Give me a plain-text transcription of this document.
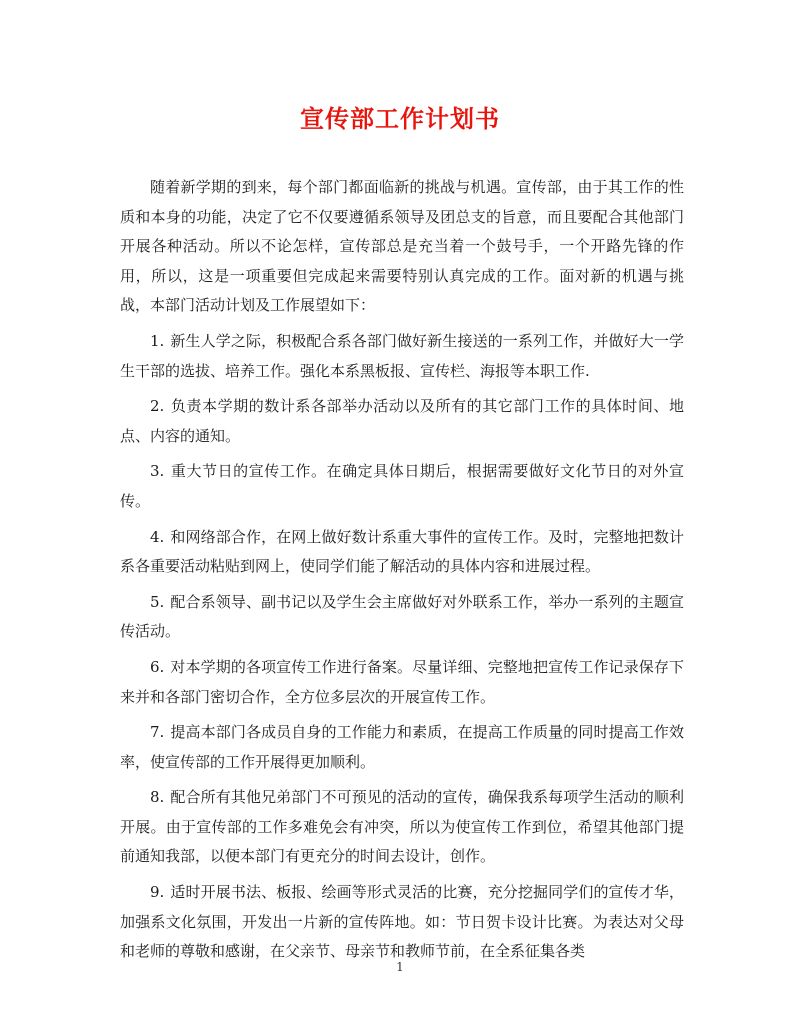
宣传部工作计划书

随着新学期的到来，每个部门都面临新的挑战与机遇。宣传部，由于其工作的性质和本身的功能，决定了它不仅要遵循系领导及团总支的旨意，而且要配合其他部门开展各种活动。所以不论怎样，宣传部总是充当着一个鼓号手，一个开路先锋的作用，所以，这是一项重要但完成起来需要特别认真完成的工作。面对新的机遇与挑战，本部门活动计划及工作展望如下：

1. 新生人学之际，积极配合系各部门做好新生接送的一系列工作，并做好大一学生干部的选拔、培养工作。强化本系黑板报、宣传栏、海报等本职工作.

2. 负责本学期的数计系各部举办活动以及所有的其它部门工作的具体时间、地点、内容的通知。

3. 重大节日的宣传工作。在确定具体日期后，根据需要做好文化节日的对外宣传。

4. 和网络部合作，在网上做好数计系重大事件的宣传工作。及时，完整地把数计系各重要活动粘贴到网上，使同学们能了解活动的具体内容和进展过程。

5. 配合系领导、副书记以及学生会主席做好对外联系工作，举办一系列的主题宣传活动。

6. 对本学期的各项宣传工作进行备案。尽量详细、完整地把宣传工作记录保存下来并和各部门密切合作，全方位多层次的开展宣传工作。

7. 提高本部门各成员自身的工作能力和素质，在提高工作质量的同时提高工作效率，使宣传部的工作开展得更加顺利。

8. 配合所有其他兄弟部门不可预见的活动的宣传，确保我系每项学生活动的顺利开展。由于宣传部的工作多难免会有冲突，所以为使宣传工作到位，希望其他部门提前通知我部，以便本部门有更充分的时间去设计，创作。

9. 适时开展书法、板报、绘画等形式灵活的比赛，充分挖掘同学们的宣传才华，加强系文化氛围，开发出一片新的宣传阵地。如：节日贺卡设计比赛。为表达对父母和老师的尊敬和感谢，在父亲节、母亲节和教师节前，在全系征集各类

1
